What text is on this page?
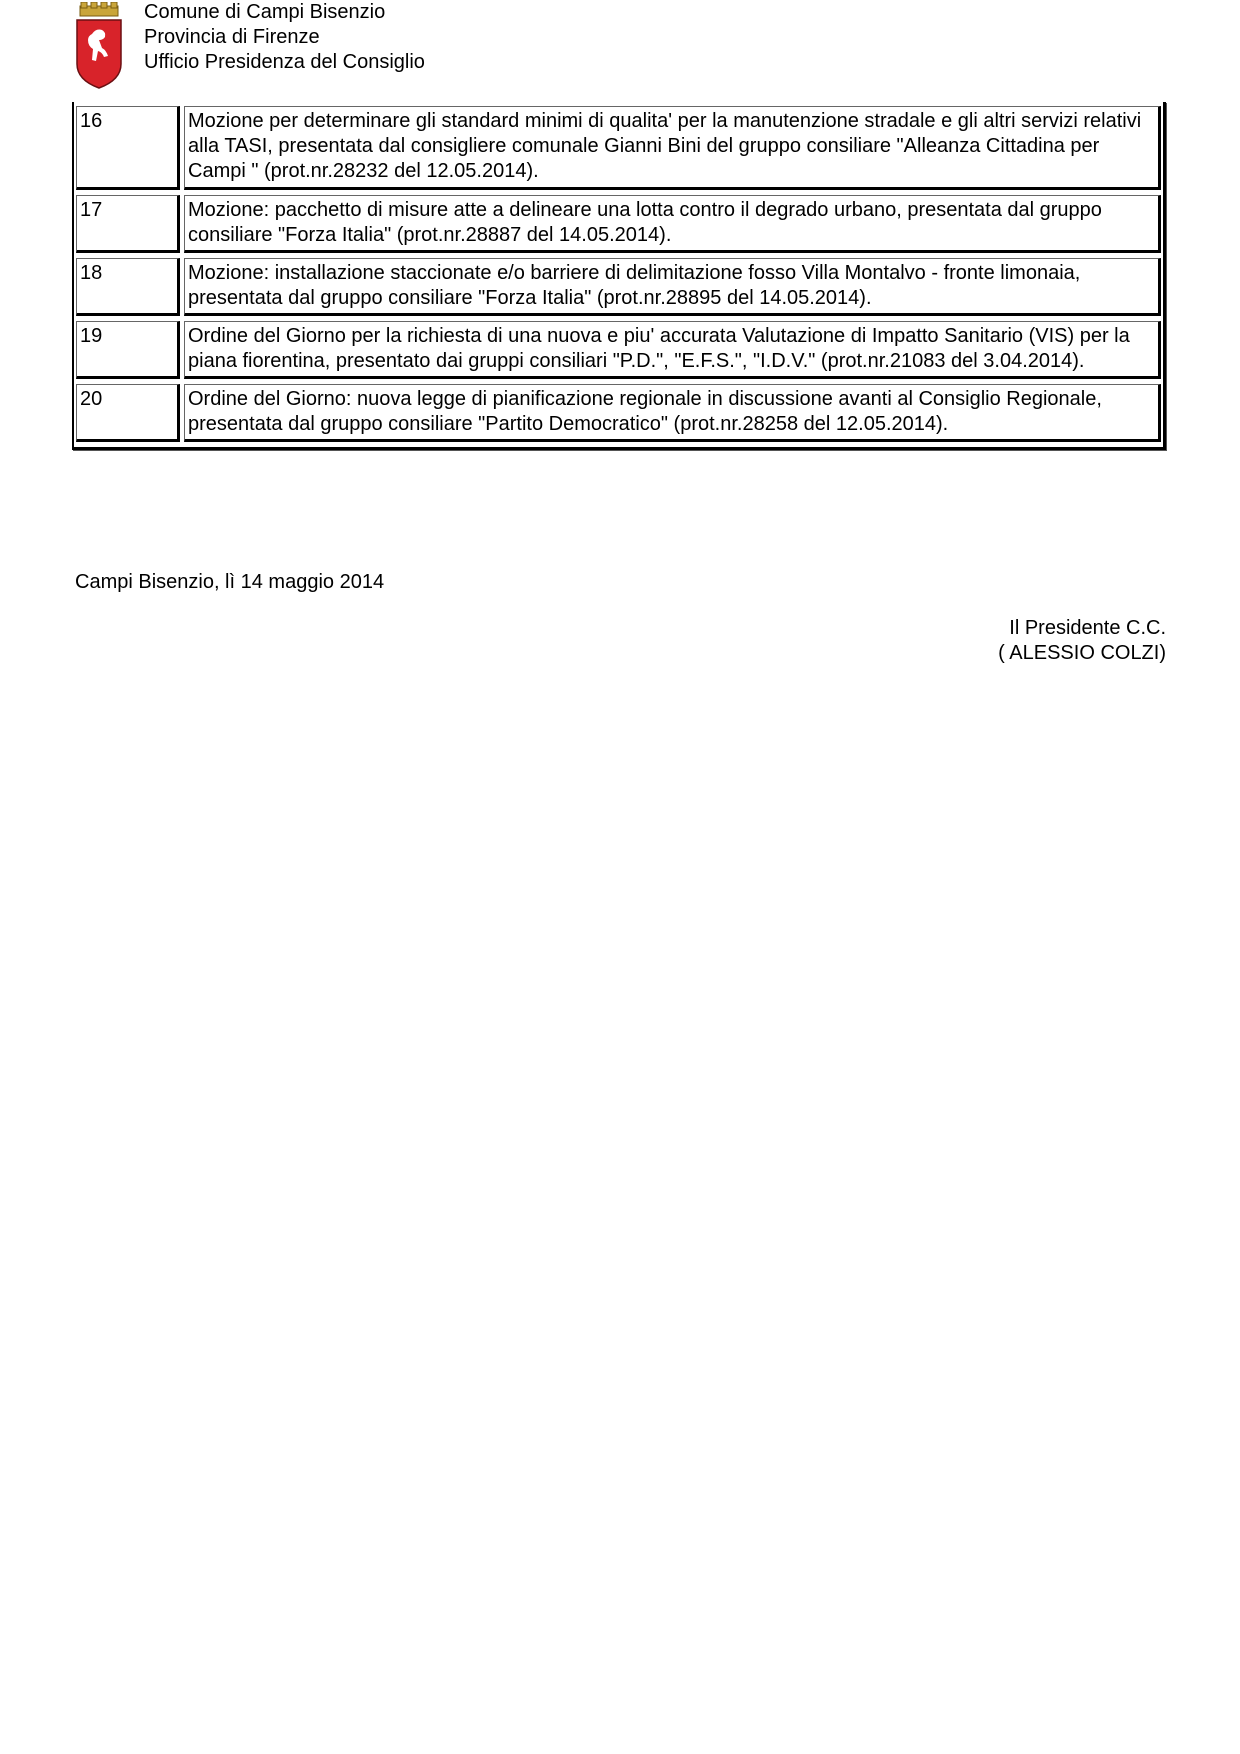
Comune di Campi Bisenzio
Provincia di Firenze
Ufficio Presidenza del Consiglio
16	Mozione per determinare gli standard minimi di qualita' per la manutenzione stradale e gli altri servizi relativi alla TASI, presentata dal consigliere comunale Gianni Bini del gruppo consiliare "Alleanza Cittadina per Campi " (prot.nr.28232 del 12.05.2014).
17	Mozione: pacchetto di misure atte a delineare una lotta contro il degrado urbano, presentata dal gruppo consiliare "Forza Italia" (prot.nr.28887 del 14.05.2014).
18	Mozione: installazione staccionate e/o barriere di delimitazione fosso Villa Montalvo - fronte limonaia, presentata dal gruppo consiliare "Forza Italia" (prot.nr.28895 del 14.05.2014).
19	Ordine del Giorno per la richiesta di una nuova e piu' accurata Valutazione di Impatto Sanitario (VIS) per la piana fiorentina, presentato dai gruppi consiliari "P.D.", "E.F.S.", "I.D.V." (prot.nr.21083 del 3.04.2014).
20	Ordine del Giorno: nuova legge di pianificazione regionale in discussione avanti al Consiglio Regionale, presentata dal gruppo consiliare "Partito Democratico" (prot.nr.28258 del 12.05.2014).
Campi Bisenzio, lì 14 maggio 2014
Il Presidente C.C.
( ALESSIO COLZI)
